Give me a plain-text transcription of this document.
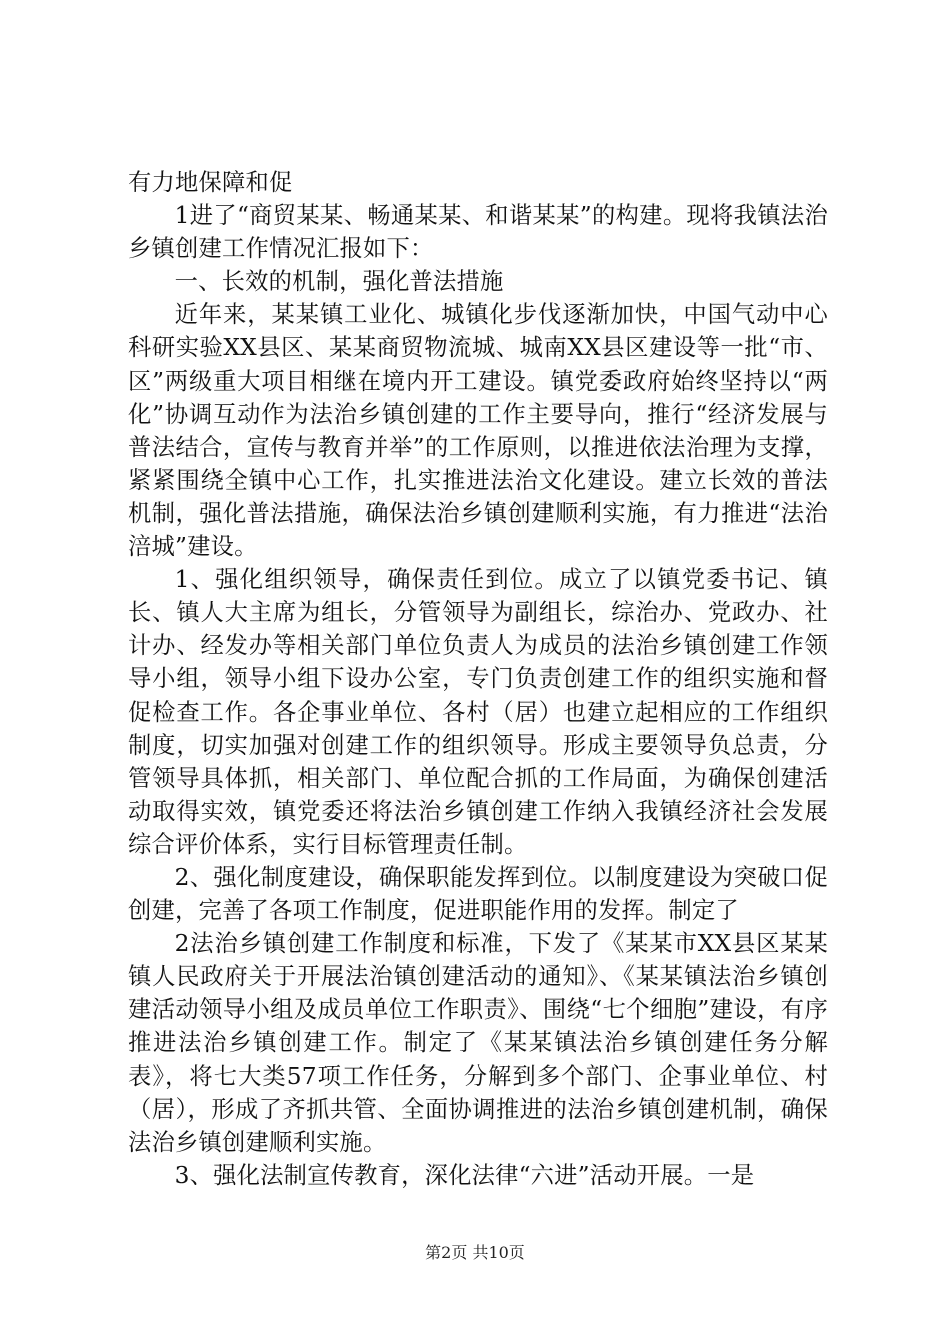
有力地保障和促

1进了“商贸某某、畅通某某、和谐某某”的构建。现将我镇法治乡镇创建工作情况汇报如下：

一、长效的机制，强化普法措施

近年来，某某镇工业化、城镇化步伐逐渐加快，中国气动中心科研实验XX县区、某某商贸物流城、城南XX县区建设等一批“市、区”两级重大项目相继在境内开工建设。镇党委政府始终坚持以“两化”协调互动作为法治乡镇创建的工作主要导向，推行“经济发展与普法结合，宣传与教育并举”的工作原则，以推进依法治理为支撑，紧紧围绕全镇中心工作，扎实推进法治文化建设。建立长效的普法机制，强化普法措施，确保法治乡镇创建顺利实施，有力推进“法治涪城”建设。

1、强化组织领导，确保责任到位。成立了以镇党委书记、镇长、镇人大主席为组长，分管领导为副组长，综治办、党政办、社计办、经发办等相关部门单位负责人为成员的法治乡镇创建工作领导小组，领导小组下设办公室，专门负责创建工作的组织实施和督促检查工作。各企事业单位、各村（居）也建立起相应的工作组织制度，切实加强对创建工作的组织领导。形成主要领导负总责，分管领导具体抓，相关部门、单位配合抓的工作局面，为确保创建活动取得实效，镇党委还将法治乡镇创建工作纳入我镇经济社会发展综合评价体系，实行目标管理责任制。

2、强化制度建设，确保职能发挥到位。以制度建设为突破口促创建，完善了各项工作制度，促进职能作用的发挥。制定了

2法治乡镇创建工作制度和标准，下发了《某某市XX县区某某镇人民政府关于开展法治镇创建活动的通知》、《某某镇法治乡镇创建活动领导小组及成员单位工作职责》、围绕“七个细胞”建设，有序推进法治乡镇创建工作。制定了《某某镇法治乡镇创建任务分解表》，将七大类57项工作任务，分解到多个部门、企事业单位、村（居），形成了齐抓共管、全面协调推进的法治乡镇创建机制，确保法治乡镇创建顺利实施。

3、强化法制宣传教育，深化法律“六进”活动开展。一是

第2页 共10页
